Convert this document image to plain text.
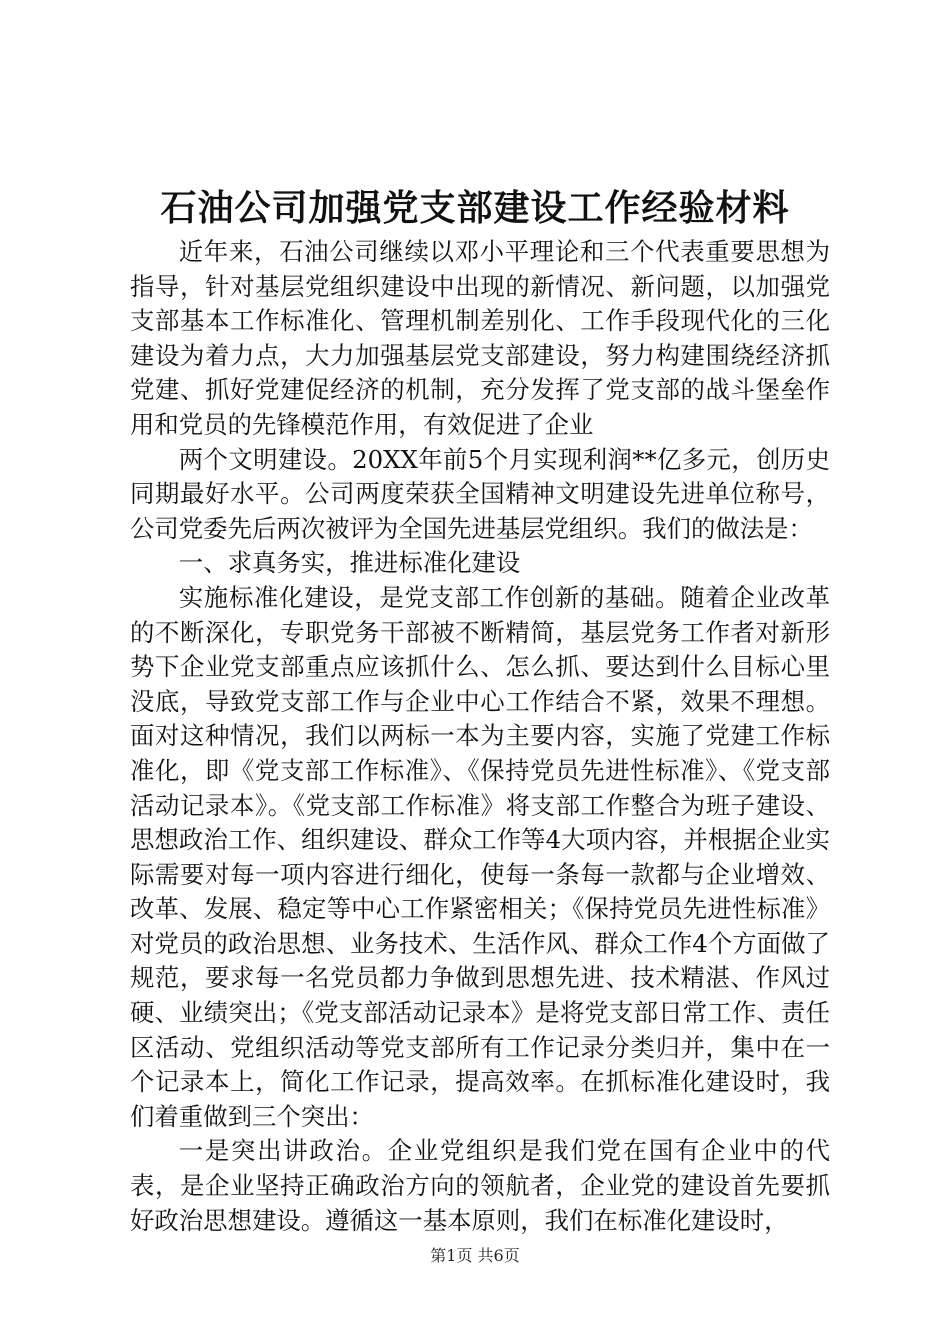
石油公司加强党支部建设工作经验材料

近年来，石油公司继续以邓小平理论和三个代表重要思想为指导，针对基层党组织建设中出现的新情况、新问题，以加强党支部基本工作标准化、管理机制差别化、工作手段现代化的三化建设为着力点，大力加强基层党支部建设，努力构建围绕经济抓党建、抓好党建促经济的机制，充分发挥了党支部的战斗堡垒作用和党员的先锋模范作用，有效促进了企业

两个文明建设。20XX年前5个月实现利润**亿多元，创历史同期最好水平。公司两度荣获全国精神文明建设先进单位称号，公司党委先后两次被评为全国先进基层党组织。我们的做法是：

一、求真务实，推进标准化建设

实施标准化建设，是党支部工作创新的基础。随着企业改革的不断深化，专职党务干部被不断精简，基层党务工作者对新形势下企业党支部重点应该抓什么、怎么抓、要达到什么目标心里没底，导致党支部工作与企业中心工作结合不紧，效果不理想。面对这种情况，我们以两标一本为主要内容，实施了党建工作标准化，即《党支部工作标准》、《保持党员先进性标准》、《党支部活动记录本》。《党支部工作标准》将支部工作整合为班子建设、思想政治工作、组织建设、群众工作等4大项内容，并根据企业实际需要对每一项内容进行细化，使每一条每一款都与企业增效、改革、发展、稳定等中心工作紧密相关；《保持党员先进性标准》对党员的政治思想、业务技术、生活作风、群众工作4个方面做了规范，要求每一名党员都力争做到思想先进、技术精湛、作风过硬、业绩突出；《党支部活动记录本》是将党支部日常工作、责任区活动、党组织活动等党支部所有工作记录分类归并，集中在一个记录本上，简化工作记录，提高效率。在抓标准化建设时，我们着重做到三个突出：

一是突出讲政治。企业党组织是我们党在国有企业中的代表，是企业坚持正确政治方向的领航者，企业党的建设首先要抓好政治思想建设。遵循这一基本原则，我们在标准化建设时，

第1页 共6页
